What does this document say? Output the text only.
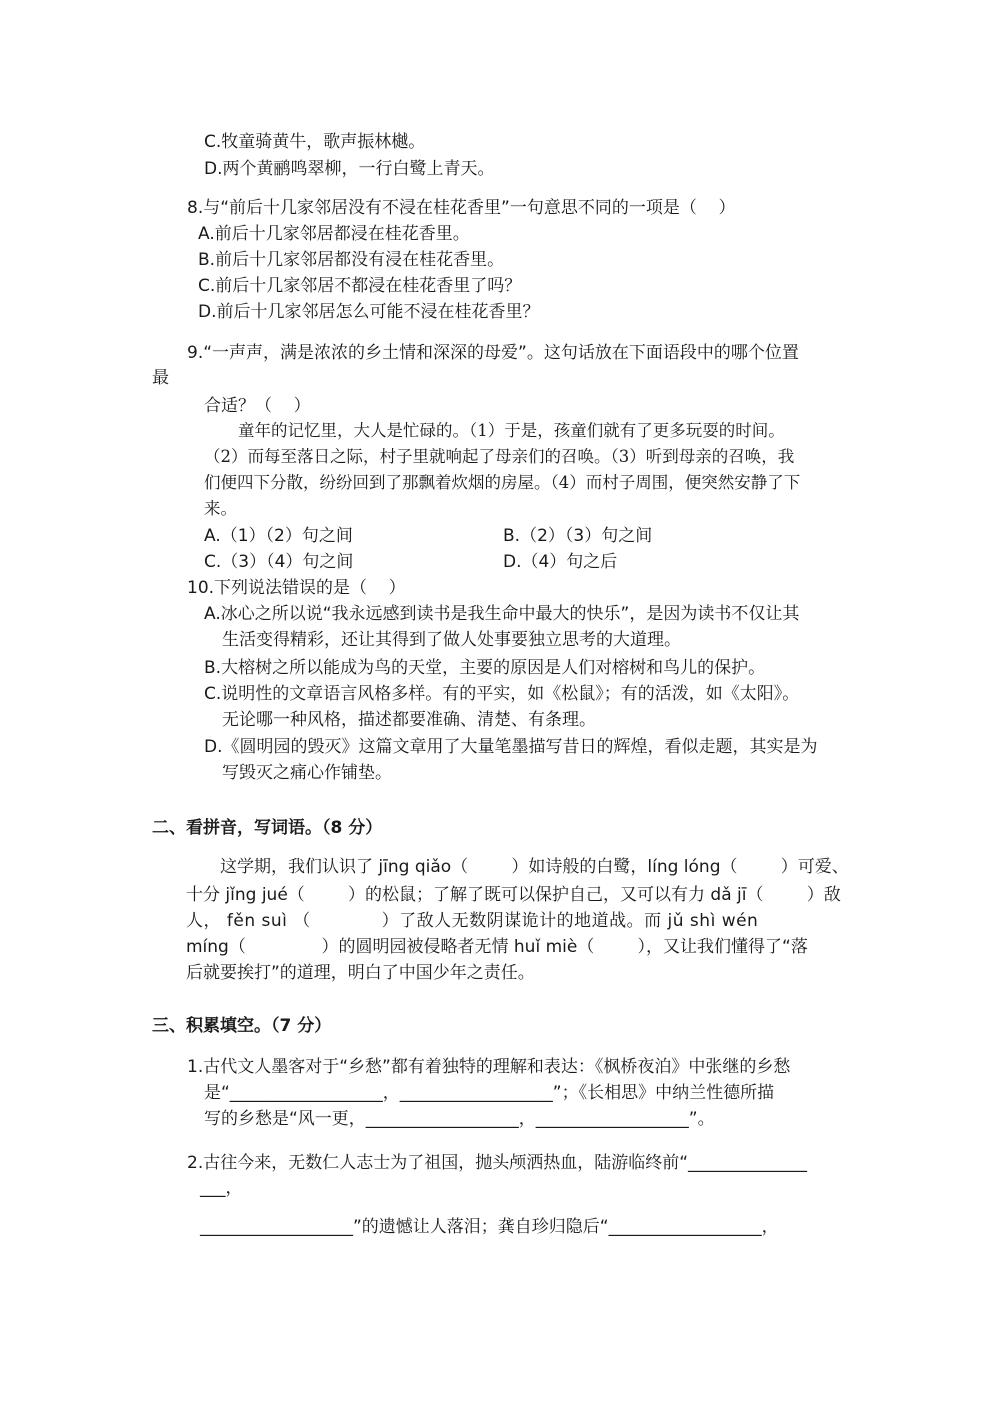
C.牧童骑黄牛，歌声振林樾。
D.两个黄鹂鸣翠柳，一行白鹭上青天。
8.与“前后十几家邻居没有不浸在桂花香里”一句意思不同的一项是（    ）
A.前后十几家邻居都浸在桂花香里。
B.前后十几家邻居都没有浸在桂花香里。
C.前后十几家邻居不都浸在桂花香里了吗？
D.前后十几家邻居怎么可能不浸在桂花香里？
9.“一声声，满是浓浓的乡土情和深深的母爱”。这句话放在下面语段中的哪个位置
最
合适？（    ）
童年的记忆里，大人是忙碌的。（1）于是，孩童们就有了更多玩耍的时间。
（2）而每至落日之际，村子里就响起了母亲们的召唤。（3）听到母亲的召唤，我
们便四下分散，纷纷回到了那飘着炊烟的房屋。（4）而村子周围，便突然安静了下
来。
A.（1）（2）句之间	B.（2）（3）句之间
C.（3）（4）句之间	D.（4）句之后
10.下列说法错误的是（    ）
A.冰心之所以说“我永远感到读书是我生命中最大的快乐”，是因为读书不仅让其
生活变得精彩，还让其得到了做人处事要独立思考的大道理。
B.大榕树之所以能成为鸟的天堂，主要的原因是人们对榕树和鸟儿的保护。
C.说明性的文章语言风格多样。有的平实，如《松鼠》；有的活泼，如《太阳》。
无论哪一种风格，描述都要准确、清楚、有条理。
D.《圆明园的毁灭》这篇文章用了大量笔墨描写昔日的辉煌，看似走题，其实是为
写毁灭之痛心作铺垫。
二、看拼音，写词语。（8 分）
这学期，我们认识了 jīng qiǎo（        ）如诗般的白鹭，líng lóng（        ）可爱、
十分 jǐng jué（        ）的松鼠；了解了既可以保护自己，又可以有力 dǎ jī（        ）敌
人， fěn suì （            ）了敌人无数阴谋诡计的地道战。而 jǔ shì wén
míng（              ）的圆明园被侵略者无情 huǐ miè（        ），又让我们懂得了“落
后就要挨打”的道理，明白了中国少年之责任。
三、积累填空。（7 分）
1.古代文人墨客对于“乡愁”都有着独特的理解和表达：《枫桥夜泊》中张继的乡愁
是“__________________，__________________”；《长相思》中纳兰性德所描
写的乡愁是“风一更，__________________，__________________”。
2.古往今来，无数仁人志士为了祖国，抛头颅洒热血，陆游临终前“______________
___，
__________________”的遗憾让人落泪；龚自珍归隐后“__________________，
